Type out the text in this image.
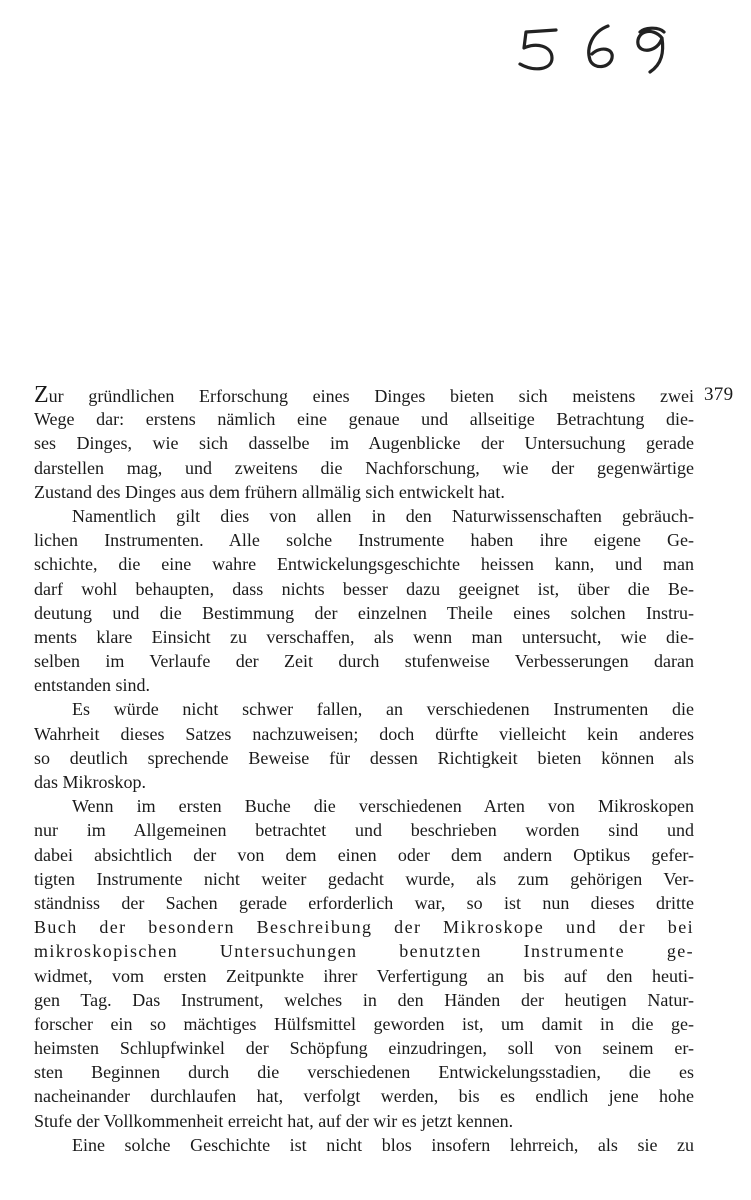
379
Zur gründlichen Erforschung eines Dinges bieten sich meistens zwei
Wege dar: erstens nämlich eine genaue und allseitige Betrachtung die-
ses Dinges, wie sich dasselbe im Augenblicke der Untersuchung gerade
darstellen mag, und zweitens die Nachforschung, wie der gegenwärtige
Zustand des Dinges aus dem frühern allmälig sich entwickelt hat.
Namentlich gilt dies von allen in den Naturwissenschaften gebräuch-
lichen Instrumenten. Alle solche Instrumente haben ihre eigene Ge-
schichte, die eine wahre Entwickelungsgeschichte heissen kann, und man
darf wohl behaupten, dass nichts besser dazu geeignet ist, über die Be-
deutung und die Bestimmung der einzelnen Theile eines solchen Instru-
ments klare Einsicht zu verschaffen, als wenn man untersucht, wie die-
selben im Verlaufe der Zeit durch stufenweise Verbesserungen daran
entstanden sind.
Es würde nicht schwer fallen, an verschiedenen Instrumenten die
Wahrheit dieses Satzes nachzuweisen; doch dürfte vielleicht kein anderes
so deutlich sprechende Beweise für dessen Richtigkeit bieten können als
das Mikroskop.
Wenn im ersten Buche die verschiedenen Arten von Mikroskopen
nur im Allgemeinen betrachtet und beschrieben worden sind und
dabei absichtlich der von dem einen oder dem andern Optikus gefer-
tigten Instrumente nicht weiter gedacht wurde, als zum gehörigen Ver-
ständniss der Sachen gerade erforderlich war, so ist nun dieses dritte
Buch der besondern Beschreibung der Mikroskope und der bei
mikroskopischen Untersuchungen benutzten Instrumente ge-
widmet, vom ersten Zeitpunkte ihrer Verfertigung an bis auf den heuti-
gen Tag. Das Instrument, welches in den Händen der heutigen Natur-
forscher ein so mächtiges Hülfsmittel geworden ist, um damit in die ge-
heimsten Schlupfwinkel der Schöpfung einzudringen, soll von seinem er-
sten Beginnen durch die verschiedenen Entwickelungsstadien, die es
nacheinander durchlaufen hat, verfolgt werden, bis es endlich jene hohe
Stufe der Vollkommenheit erreicht hat, auf der wir es jetzt kennen.
Eine solche Geschichte ist nicht blos insofern lehrreich, als sie zu
